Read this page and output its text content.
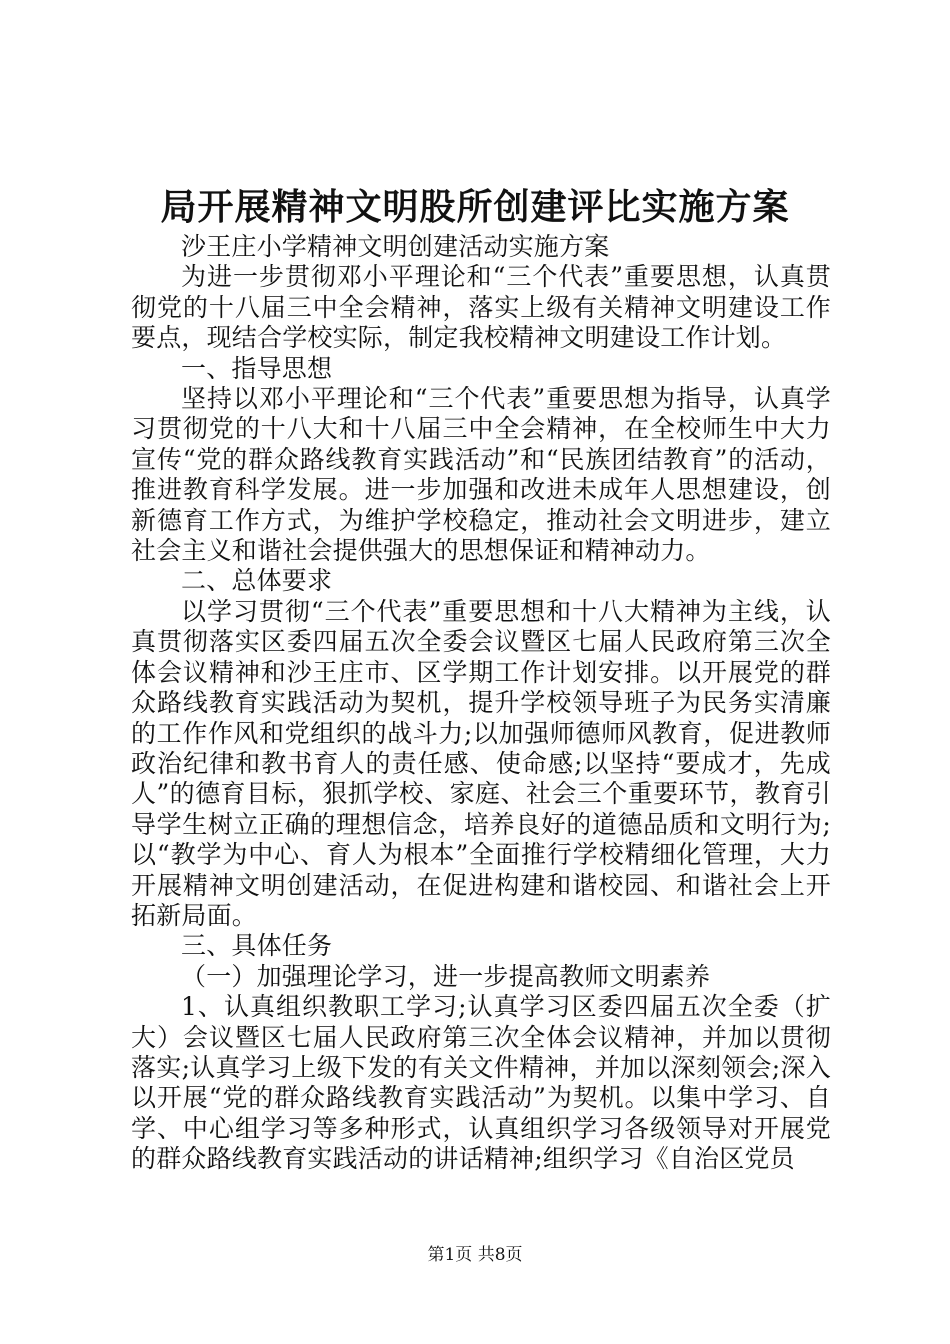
局开展精神文明股所创建评比实施方案

沙王庄小学精神文明创建活动实施方案

为进一步贯彻邓小平理论和“三个代表”重要思想，认真贯彻党的十八届三中全会精神，落实上级有关精神文明建设工作要点，现结合学校实际，制定我校精神文明建设工作计划。

一、指导思想

坚持以邓小平理论和“三个代表”重要思想为指导，认真学习贯彻党的十八大和十八届三中全会精神，在全校师生中大力宣传“党的群众路线教育实践活动”和“民族团结教育”的活动，推进教育科学发展。进一步加强和改进未成年人思想建设，创新德育工作方式，为维护学校稳定，推动社会文明进步，建立社会主义和谐社会提供强大的思想保证和精神动力。

二、总体要求

以学习贯彻“三个代表”重要思想和十八大精神为主线，认真贯彻落实区委四届五次全委会议暨区七届人民政府第三次全体会议精神和沙王庄市、区学期工作计划安排。以开展党的群众路线教育实践活动为契机，提升学校领导班子为民务实清廉的工作作风和党组织的战斗力;以加强师德师风教育，促进教师政治纪律和教书育人的责任感、使命感;以坚持“要成才，先成人”的德育目标，狠抓学校、家庭、社会三个重要环节，教育引导学生树立正确的理想信念，培养良好的道德品质和文明行为;以“教学为中心、育人为根本”全面推行学校精细化管理，大力开展精神文明创建活动，在促进构建和谐校园、和谐社会上开拓新局面。

三、具体任务

（一）加强理论学习，进一步提高教师文明素养

1、认真组织教职工学习;认真学习区委四届五次全委（扩大）会议暨区七届人民政府第三次全体会议精神，并加以贯彻落实;认真学习上级下发的有关文件精神，并加以深刻领会;深入以开展“党的群众路线教育实践活动”为契机。以集中学习、自学、中心组学习等多种形式，认真组织学习各级领导对开展党的群众路线教育实践活动的讲话精神;组织学习《自治区党员

第1页 共8页
